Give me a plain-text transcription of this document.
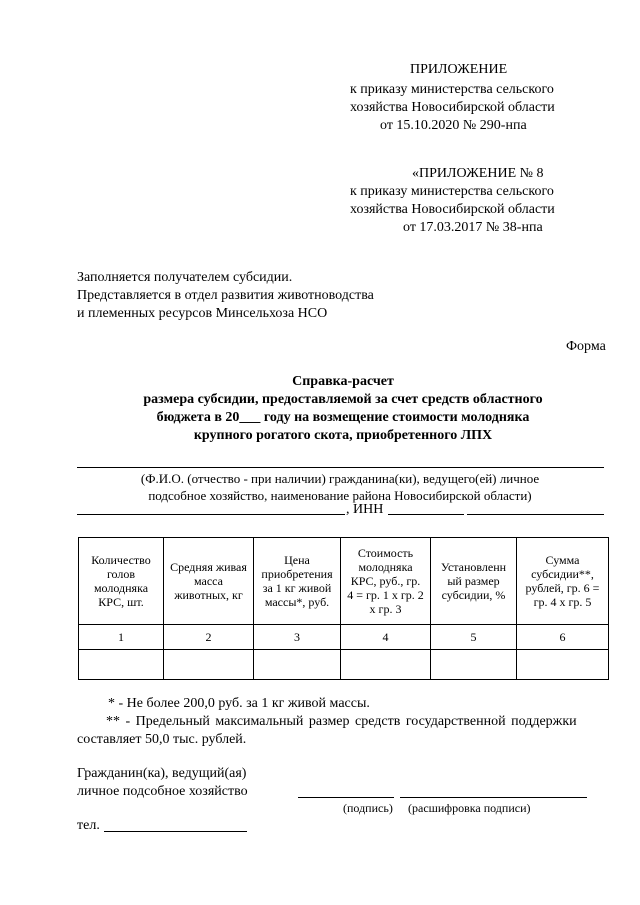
ПРИЛОЖЕНИЕ
к приказу министерства сельского
хозяйства Новосибирской области
от 15.10.2020 № 290-нпа
«ПРИЛОЖЕНИЕ № 8
к приказу министерства сельского
хозяйства Новосибирской области
от 17.03.2017 № 38-нпа
Заполняется получателем субсидии.
Представляется в отдел развития животноводства
и племенных ресурсов Минсельхоза НСО
Форма
Справка-расчет
размера субсидии, предоставляемой за счет средств областного
бюджета в 20___ году на возмещение стоимости молодняка
крупного рогатого скота, приобретенного ЛПХ
(Ф.И.О. (отчество - при наличии) гражданина(ки), ведущего(ей) личное
подсобное хозяйство, наименование района Новосибирской области)
, ИНН
Количество
голов
молодняка
КРС, шт.	Средняя живая
масса
животных, кг	Цена
приобретения
за 1 кг живой
массы*, руб.	Стоимость
молодняка
КРС, руб., гр.
4 = гр. 1 х гр. 2
х гр. 3	Установленн
ый размер
субсидии, %	Сумма
субсидии**,
рублей, гр. 6 =
гр. 4 х гр. 5
1	2	3	4	5	6

* - Не более 200,0 руб. за 1 кг живой массы.
** - Предельный максимальный размер средств государственной поддержки
составляет 50,0 тыс. рублей.
Гражданин(ка), ведущий(ая)
личное подсобное хозяйство
(подпись) (расшифровка подписи)
тел.
